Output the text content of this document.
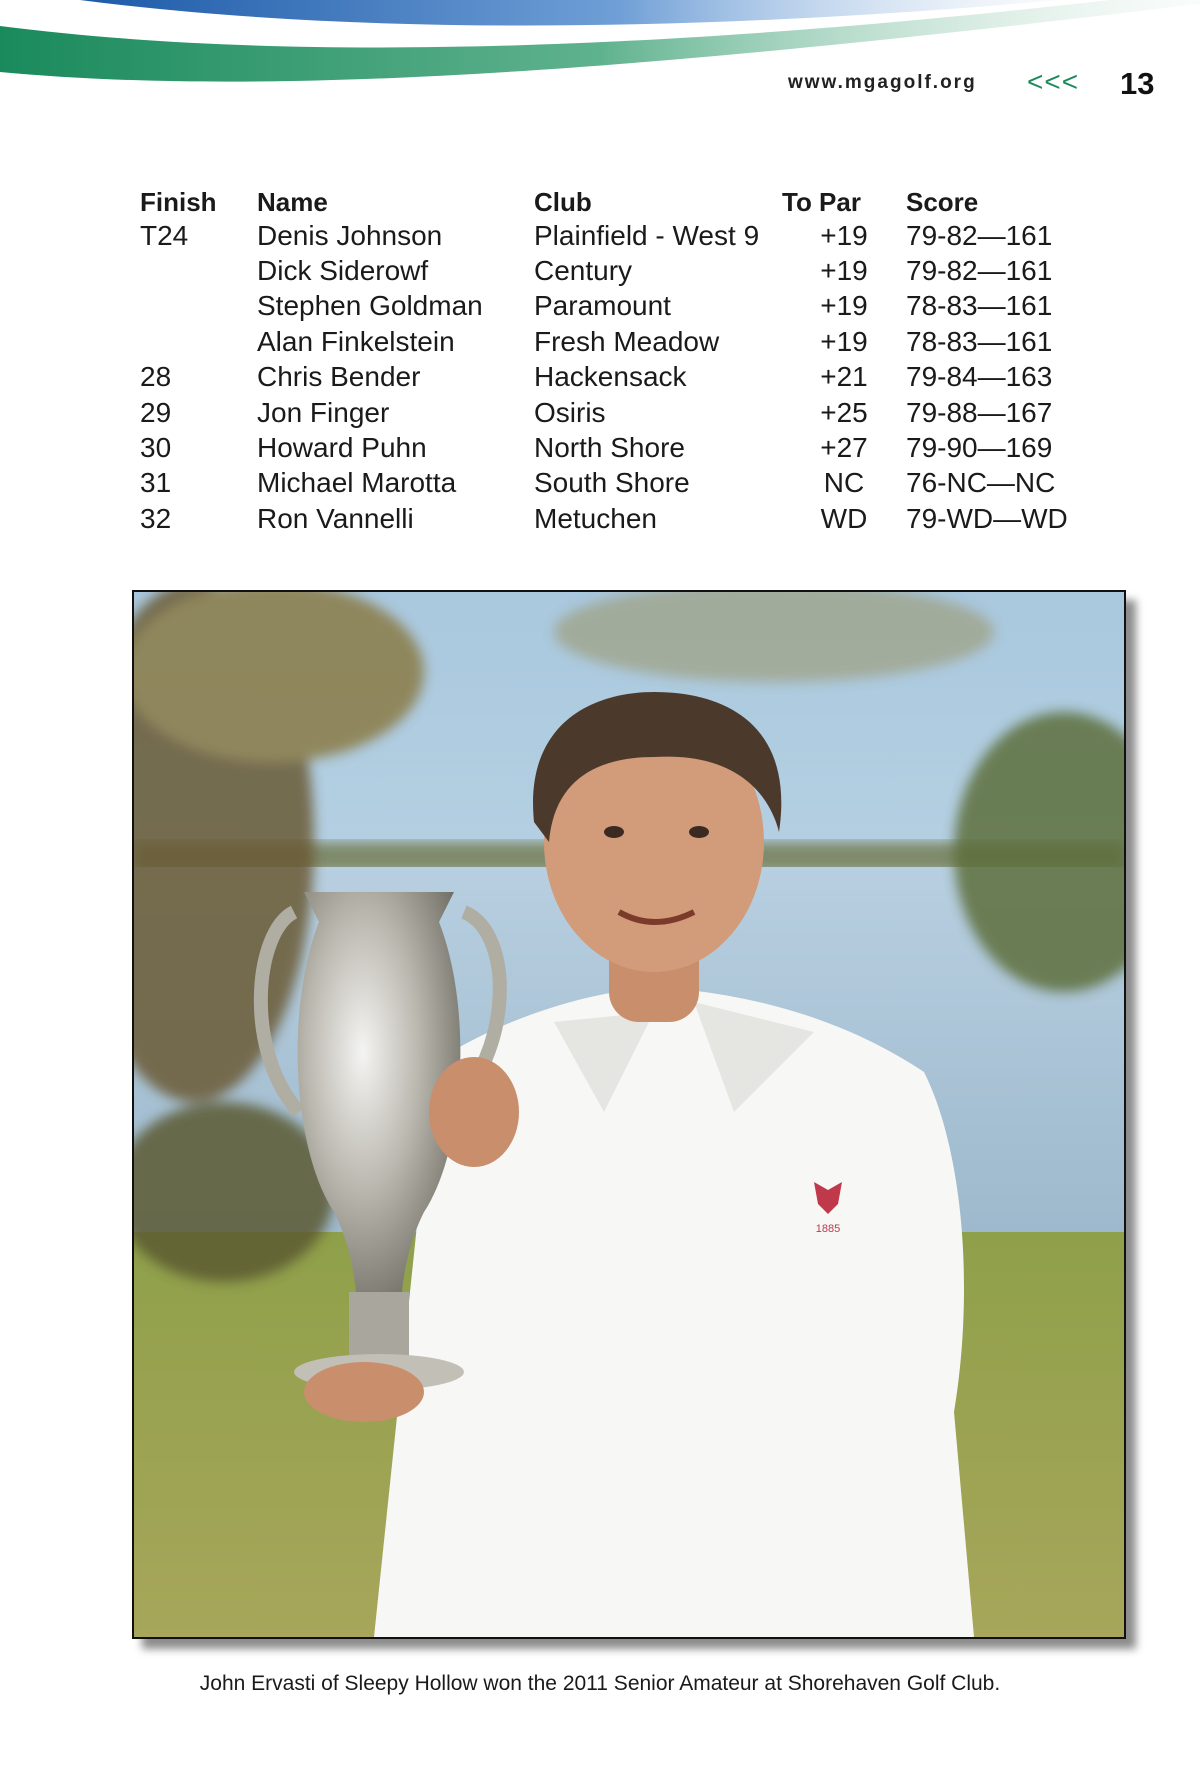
www.mgagolf.org <<< 13
Finish	Name	Club	To Par	Score
T24	Denis Johnson	Plainfield - West 9	+19	79-82—161
	Dick Siderowf	Century	+19	79-82—161
	Stephen Goldman	Paramount	+19	78-83—161
	Alan Finkelstein	Fresh Meadow	+19	78-83—161
28	Chris Bender	Hackensack	+21	79-84—163
29	Jon Finger	Osiris	+25	79-88—167
30	Howard Puhn	North Shore	+27	79-90—169
31	Michael Marotta	South Shore	NC	76-NC—NC
32	Ron Vannelli	Metuchen	WD	79-WD—WD
1885
John Ervasti of Sleepy Hollow won the 2011 Senior Amateur at Shorehaven Golf Club.
